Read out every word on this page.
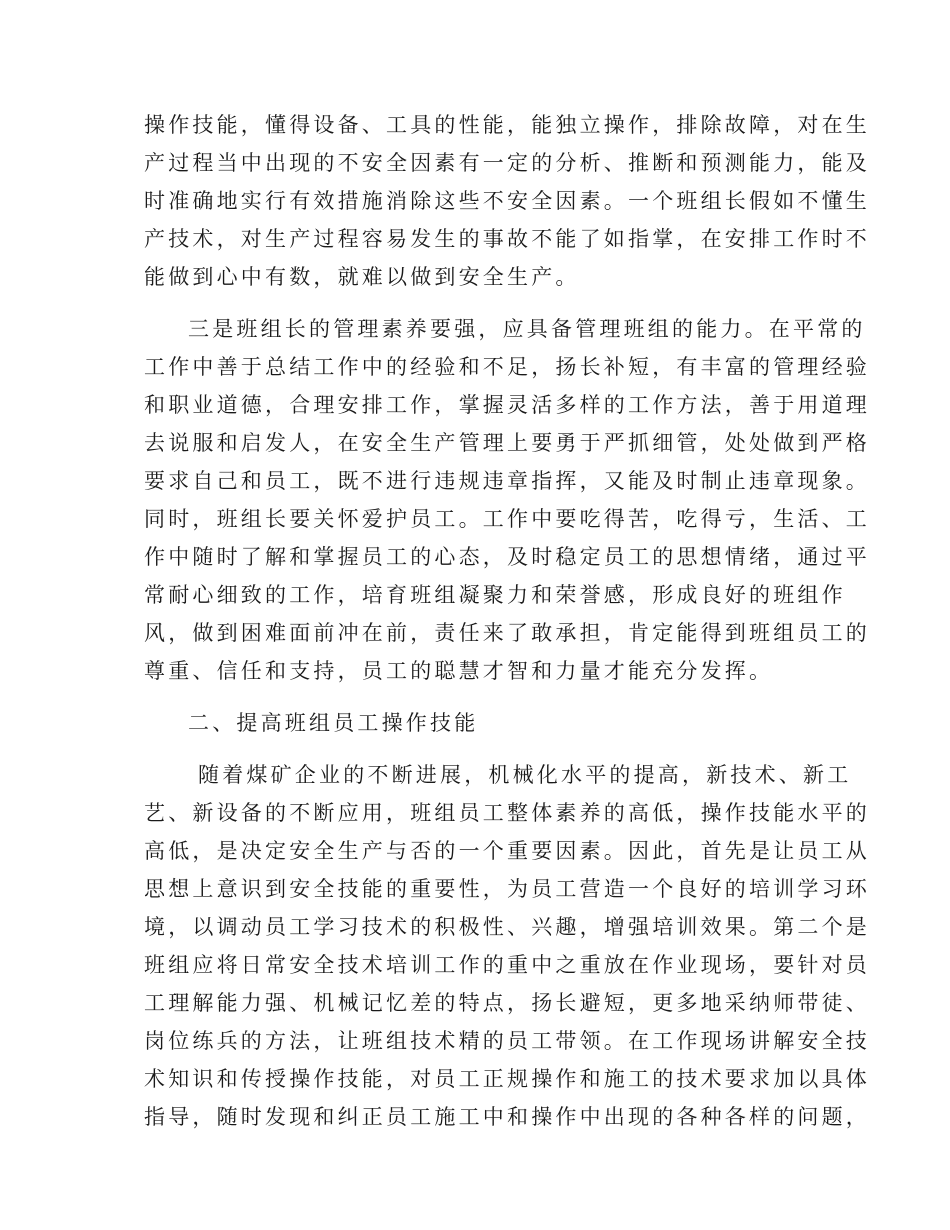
操作技能，懂得设备、工具的性能，能独立操作，排除故障，对在生
产过程当中出现的不安全因素有一定的分析、推断和预测能力，能及
时准确地实行有效措施消除这些不安全因素。一个班组长假如不懂生
产技术，对生产过程容易发生的事故不能了如指掌，在安排工作时不
能做到心中有数，就难以做到安全生产。
三是班组长的管理素养要强，应具备管理班组的能力。在平常的
工作中善于总结工作中的经验和不足，扬长补短，有丰富的管理经验
和职业道德，合理安排工作，掌握灵活多样的工作方法，善于用道理
去说服和启发人，在安全生产管理上要勇于严抓细管，处处做到严格
要求自己和员工，既不进行违规违章指挥，又能及时制止违章现象。
同时，班组长要关怀爱护员工。工作中要吃得苦，吃得亏，生活、工
作中随时了解和掌握员工的心态，及时稳定员工的思想情绪，通过平
常耐心细致的工作，培育班组凝聚力和荣誉感，形成良好的班组作
风，做到困难面前冲在前，责任来了敢承担，肯定能得到班组员工的
尊重、信任和支持，员工的聪慧才智和力量才能充分发挥。
二、提高班组员工操作技能
随着煤矿企业的不断进展，机械化水平的提高，新技术、新工
艺、新设备的不断应用，班组员工整体素养的高低，操作技能水平的
高低，是决定安全生产与否的一个重要因素。因此，首先是让员工从
思想上意识到安全技能的重要性，为员工营造一个良好的培训学习环
境，以调动员工学习技术的积极性、兴趣，增强培训效果。第二个是
班组应将日常安全技术培训工作的重中之重放在作业现场，要针对员
工理解能力强、机械记忆差的特点，扬长避短，更多地采纳师带徒、
岗位练兵的方法，让班组技术精的员工带领。在工作现场讲解安全技
术知识和传授操作技能，对员工正规操作和施工的技术要求加以具体
指导，随时发现和纠正员工施工中和操作中出现的各种各样的问题，
